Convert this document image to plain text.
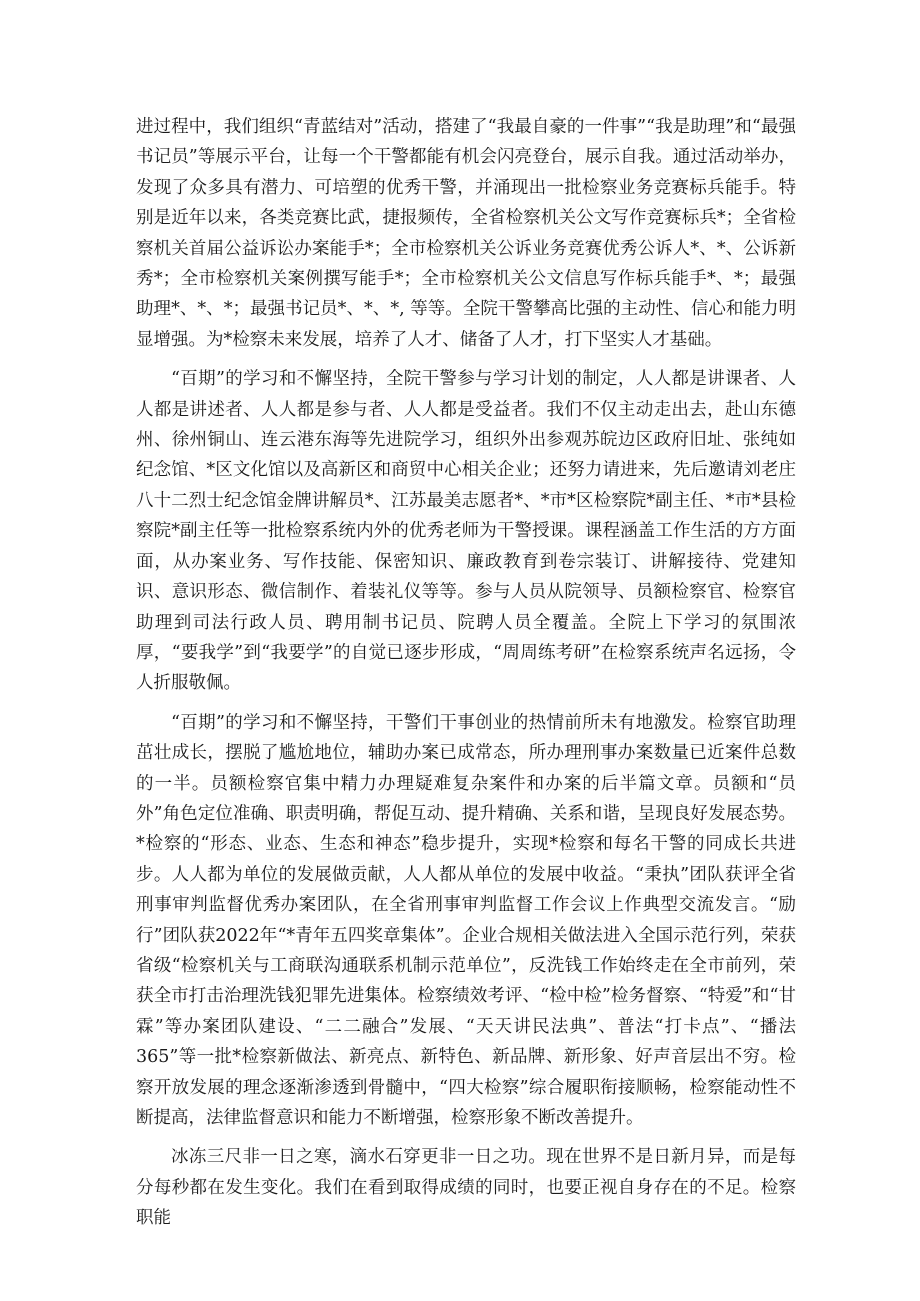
进过程中，我们组织“青蓝结对”活动，搭建了“我最自豪的一件事”“我是助理”和“最强书记员”等展示平台，让每一个干警都能有机会闪亮登台，展示自我。通过活动举办，发现了众多具有潜力、可培塑的优秀干警，并涌现出一批检察业务竞赛标兵能手。特别是近年以来，各类竞赛比武，捷报频传，全省检察机关公文写作竞赛标兵*；全省检察机关首届公益诉讼办案能手*；全市检察机关公诉业务竞赛优秀公诉人*、*、公诉新秀*；全市检察机关案例撰写能手*；全市检察机关公文信息写作标兵能手*、*；最强助理*、*、*；最强书记员*、*、*, 等等。全院干警攀高比强的主动性、信心和能力明显增强。为*检察未来发展，培养了人才、储备了人才，打下坚实人才基础。

“百期”的学习和不懈坚持，全院干警参与学习计划的制定，人人都是讲课者、人人都是讲述者、人人都是参与者、人人都是受益者。我们不仅主动走出去，赴山东德州、徐州铜山、连云港东海等先进院学习，组织外出参观苏皖边区政府旧址、张纯如纪念馆、*区文化馆以及高新区和商贸中心相关企业；还努力请进来，先后邀请刘老庄八十二烈士纪念馆金牌讲解员*、江苏最美志愿者*、*市*区检察院*副主任、*市*县检察院*副主任等一批检察系统内外的优秀老师为干警授课。课程涵盖工作生活的方方面面，从办案业务、写作技能、保密知识、廉政教育到卷宗装订、讲解接待、党建知识、意识形态、微信制作、着装礼仪等等。参与人员从院领导、员额检察官、检察官助理到司法行政人员、聘用制书记员、院聘人员全覆盖。全院上下学习的氛围浓厚，“要我学”到“我要学”的自觉已逐步形成，“周周练考研”在检察系统声名远扬，令人折服敬佩。

“百期”的学习和不懈坚持，干警们干事创业的热情前所未有地激发。检察官助理茁壮成长，摆脱了尴尬地位，辅助办案已成常态，所办理刑事办案数量已近案件总数的一半。员额检察官集中精力办理疑难复杂案件和办案的后半篇文章。员额和“员外”角色定位准确、职责明确，帮促互动、提升精确、关系和谐，呈现良好发展态势。*检察的“形态、业态、生态和神态”稳步提升，实现*检察和每名干警的同成长共进步。人人都为单位的发展做贡献，人人都从单位的发展中收益。“秉执”团队获评全省刑事审判监督优秀办案团队，在全省刑事审判监督工作会议上作典型交流发言。“励行”团队获2022年“*青年五四奖章集体”。企业合规相关做法进入全国示范行列，荣获省级“检察机关与工商联沟通联系机制示范单位”，反洗钱工作始终走在全市前列，荣获全市打击治理洗钱犯罪先进集体。检察绩效考评、“检中检”检务督察、“特爱”和“甘霖”等办案团队建设、“二二融合”发展、“天天讲民法典”、普法“打卡点”、“播法 365”等一批*检察新做法、新亮点、新特色、新品牌、新形象、好声音层出不穷。检察开放发展的理念逐渐渗透到骨髓中，“四大检察”综合履职衔接顺畅，检察能动性不断提高，法律监督意识和能力不断增强，检察形象不断改善提升。

冰冻三尺非一日之寒，滴水石穿更非一日之功。现在世界不是日新月异，而是每分每秒都在发生变化。我们在看到取得成绩的同时，也要正视自身存在的不足。检察职能
